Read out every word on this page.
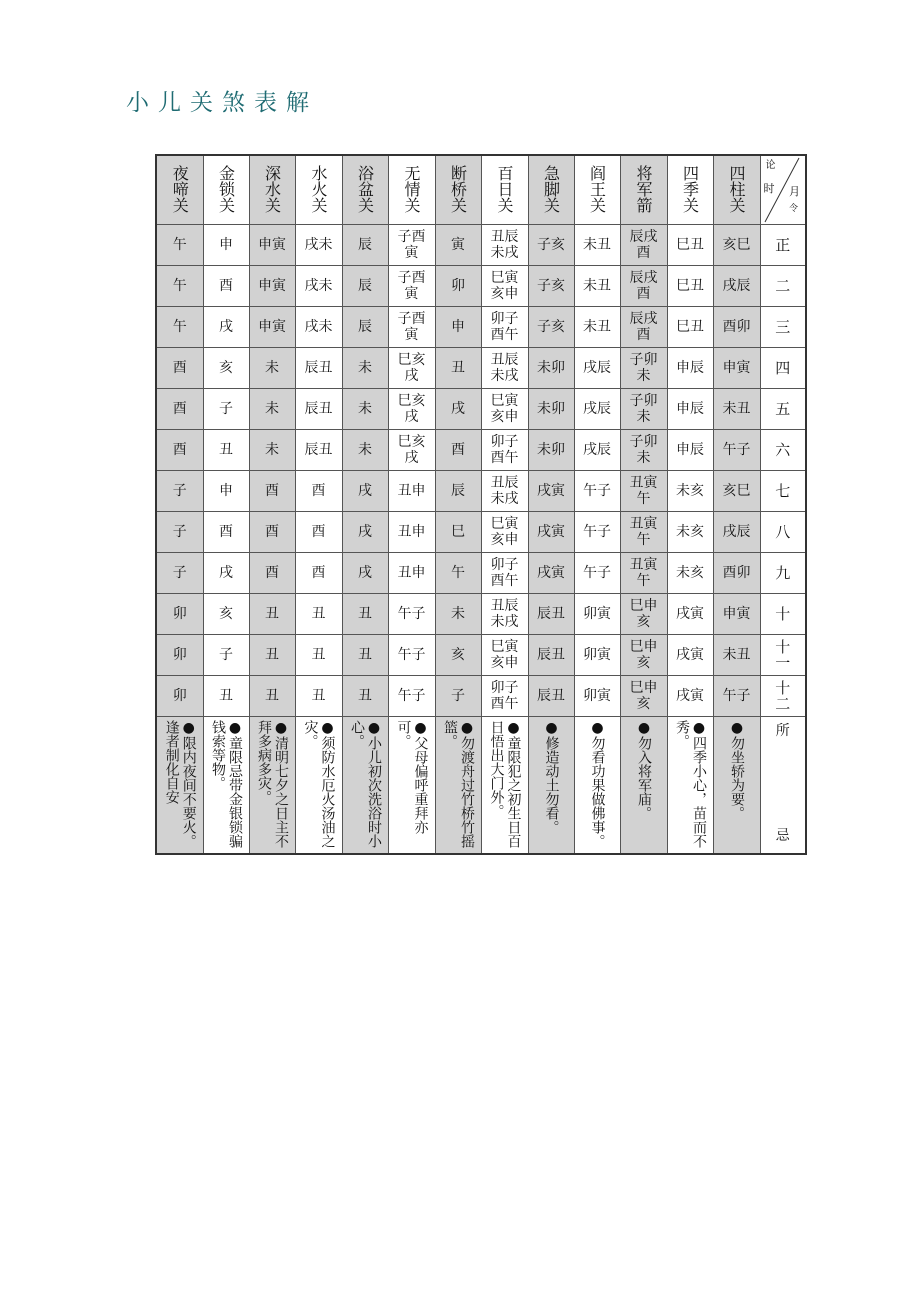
小儿关煞表解
夜啼关	金锁关	深水关	水火关	浴盆关	无情关	断桥关	百日关	急脚关	阎王关	将军箭	四季关	四柱关	论
时 月
令

午	申	申寅	戌未	辰	子酉寅	寅	丑辰未戌	子亥	未丑	辰戌酉	巳丑	亥巳	正
午	酉	申寅	戌未	辰	子酉寅	卯	巳寅亥申	子亥	未丑	辰戌酉	巳丑	戌辰	二
午	戌	申寅	戌未	辰	子酉寅	申	卯子酉午	子亥	未丑	辰戌酉	巳丑	酉卯	三
酉	亥	未	辰丑	未	巳亥戌	丑	丑辰未戌	未卯	戌辰	子卯未	申辰	申寅	四
酉	子	未	辰丑	未	巳亥戌	戌	巳寅亥申	未卯	戌辰	子卯未	申辰	未丑	五
酉	丑	未	辰丑	未	巳亥戌	酉	卯子酉午	未卯	戌辰	子卯未	申辰	午子	六
子	申	酉	酉	戌	丑申	辰	丑辰未戌	戌寅	午子	丑寅午	未亥	亥巳	七
子	酉	酉	酉	戌	丑申	巳	巳寅亥申	戌寅	午子	丑寅午	未亥	戌辰	八
子	戌	酉	酉	戌	丑申	午	卯子酉午	戌寅	午子	丑寅午	未亥	酉卯	九
卯	亥	丑	丑	丑	午子	未	丑辰未戌	辰丑	卯寅	巳申亥	戌寅	申寅	十
卯	子	丑	丑	丑	午子	亥	巳寅亥申	辰丑	卯寅	巳申亥	戌寅	未丑	十一
卯	丑	丑	丑	丑	午子	子	卯子酉午	辰丑	卯寅	巳申亥	戌寅	午子	十二
●限内夜间不要火。逢者制化自安	●童限忌带金银锁骗钱索等物。	●清明七夕之日主不拜多病多灾。	●须防水厄火汤油之灾。	●小儿初次洗浴时小心。	●父母偏呼重拜亦可。	●勿渡舟过竹桥竹摇篮。	●童限犯之初生日百日悟出大门外。	●修造动土勿看。	●勿看功果做佛事。	●勿入将军庙。	●四季小心，苗而不秀。	●勿坐轿为要。	所
忌
